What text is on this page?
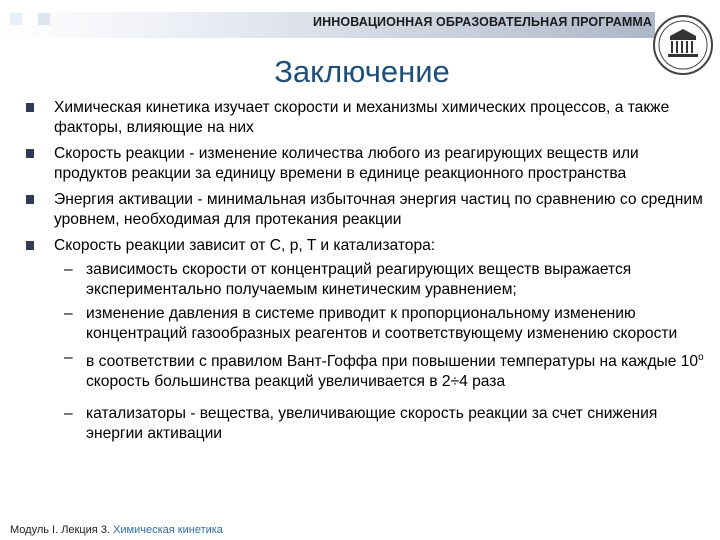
ИННОВАЦИОННАЯ ОБРАЗОВАТЕЛЬНАЯ ПРОГРАММА
Заключение
Химическая кинетика изучает скорости и механизмы химических процессов, а также факторы, влияющие на них
Скорость реакции ‑ изменение количества любого из реагирующих веществ или продуктов реакции за единицу времени в единице реакционного пространства
Энергия активации ‑ минимальная избыточная энергия частиц по сравнению со средним уровнем, необходимая для протекания реакции
Скорость реакции зависит от C, p, T и катализатора:
– зависимость скорости от концентраций реагирующих веществ выражается экспериментально получаемым кинетическим уравнением;
– изменение давления в системе приводит к пропорциональному изменению концентраций газообразных реагентов и соответствующему изменению скорости
– в соответствии с правилом Вант-Гоффа при повышении температуры на каждые 10$^o$ скорость большинства реакций увеличивается в 2÷4 раза
– катализаторы ‑ вещества, увеличивающие скорость реакции за счет снижения энергии активации
Модуль I. Лекция 3. Химическая кинетика
